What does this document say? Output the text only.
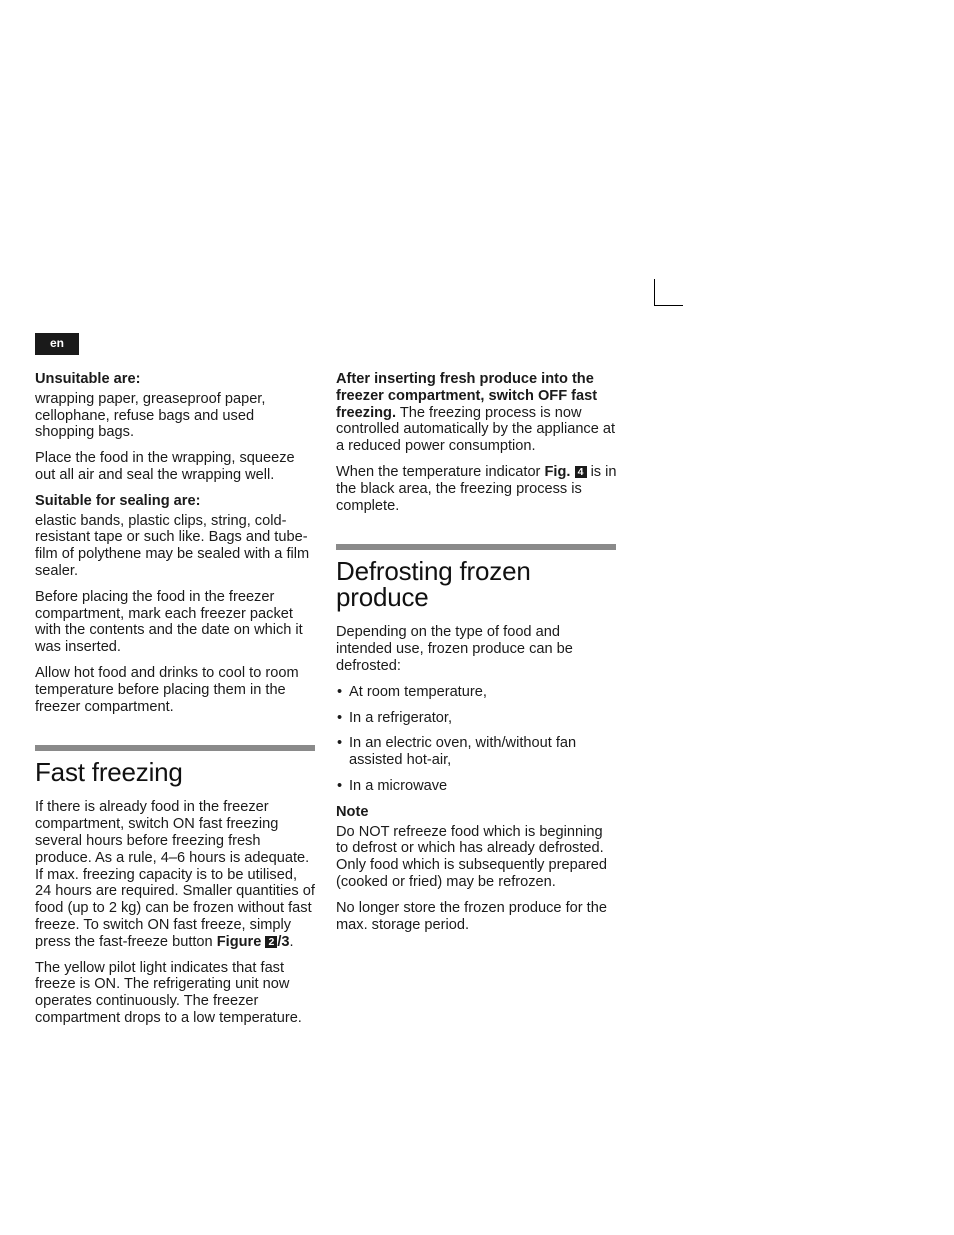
en
Unsuitable are:

wrapping paper, greaseproof paper, cellophane, refuse bags and used shopping bags.

Place the food in the wrapping, squeeze out all air and seal the wrapping well.

Suitable for sealing are:

elastic bands, plastic clips, string, cold-resistant tape or such like. Bags and tube-film of polythene may be sealed with a film sealer.

Before placing the food in the freezer compartment, mark each freezer packet with the contents and the date on which it was inserted.

Allow hot food and drinks to cool to room temperature before placing them in the freezer compartment.

Fast freezing

If there is already food in the freezer compartment, switch ON fast freezing several hours before freezing fresh produce. As a rule, 4–6 hours is adequate. If max. freezing capacity is to be utilised, 24 hours are required. Smaller quantities of food (up to 2 kg) can be frozen without fast freeze. To switch ON fast freeze, simply press the fast-freeze button Figure 2 /3.

The yellow pilot light indicates that fast freeze is ON. The refrigerating unit now operates continuously. The freezer compartment drops to a low temperature.

After inserting fresh produce into the freezer compartment, switch OFF fast freezing. The freezing process is now controlled automatically by the appliance at a reduced power consumption.

When the temperature indicator Fig. 4 is in the black area, the freezing process is complete.

Defrosting frozen produce

Depending on the type of food and intended use, frozen produce can be defrosted:

• At room temperature,
• In a refrigerator,
• In an electric oven, with/without fan assisted hot-air,
• In a microwave
Note

Do NOT refreeze food which is beginning to defrost or which has already defrosted. Only food which is subsequently prepared (cooked or fried) may be refrozen.

No longer store the frozen produce for the max. storage period.
